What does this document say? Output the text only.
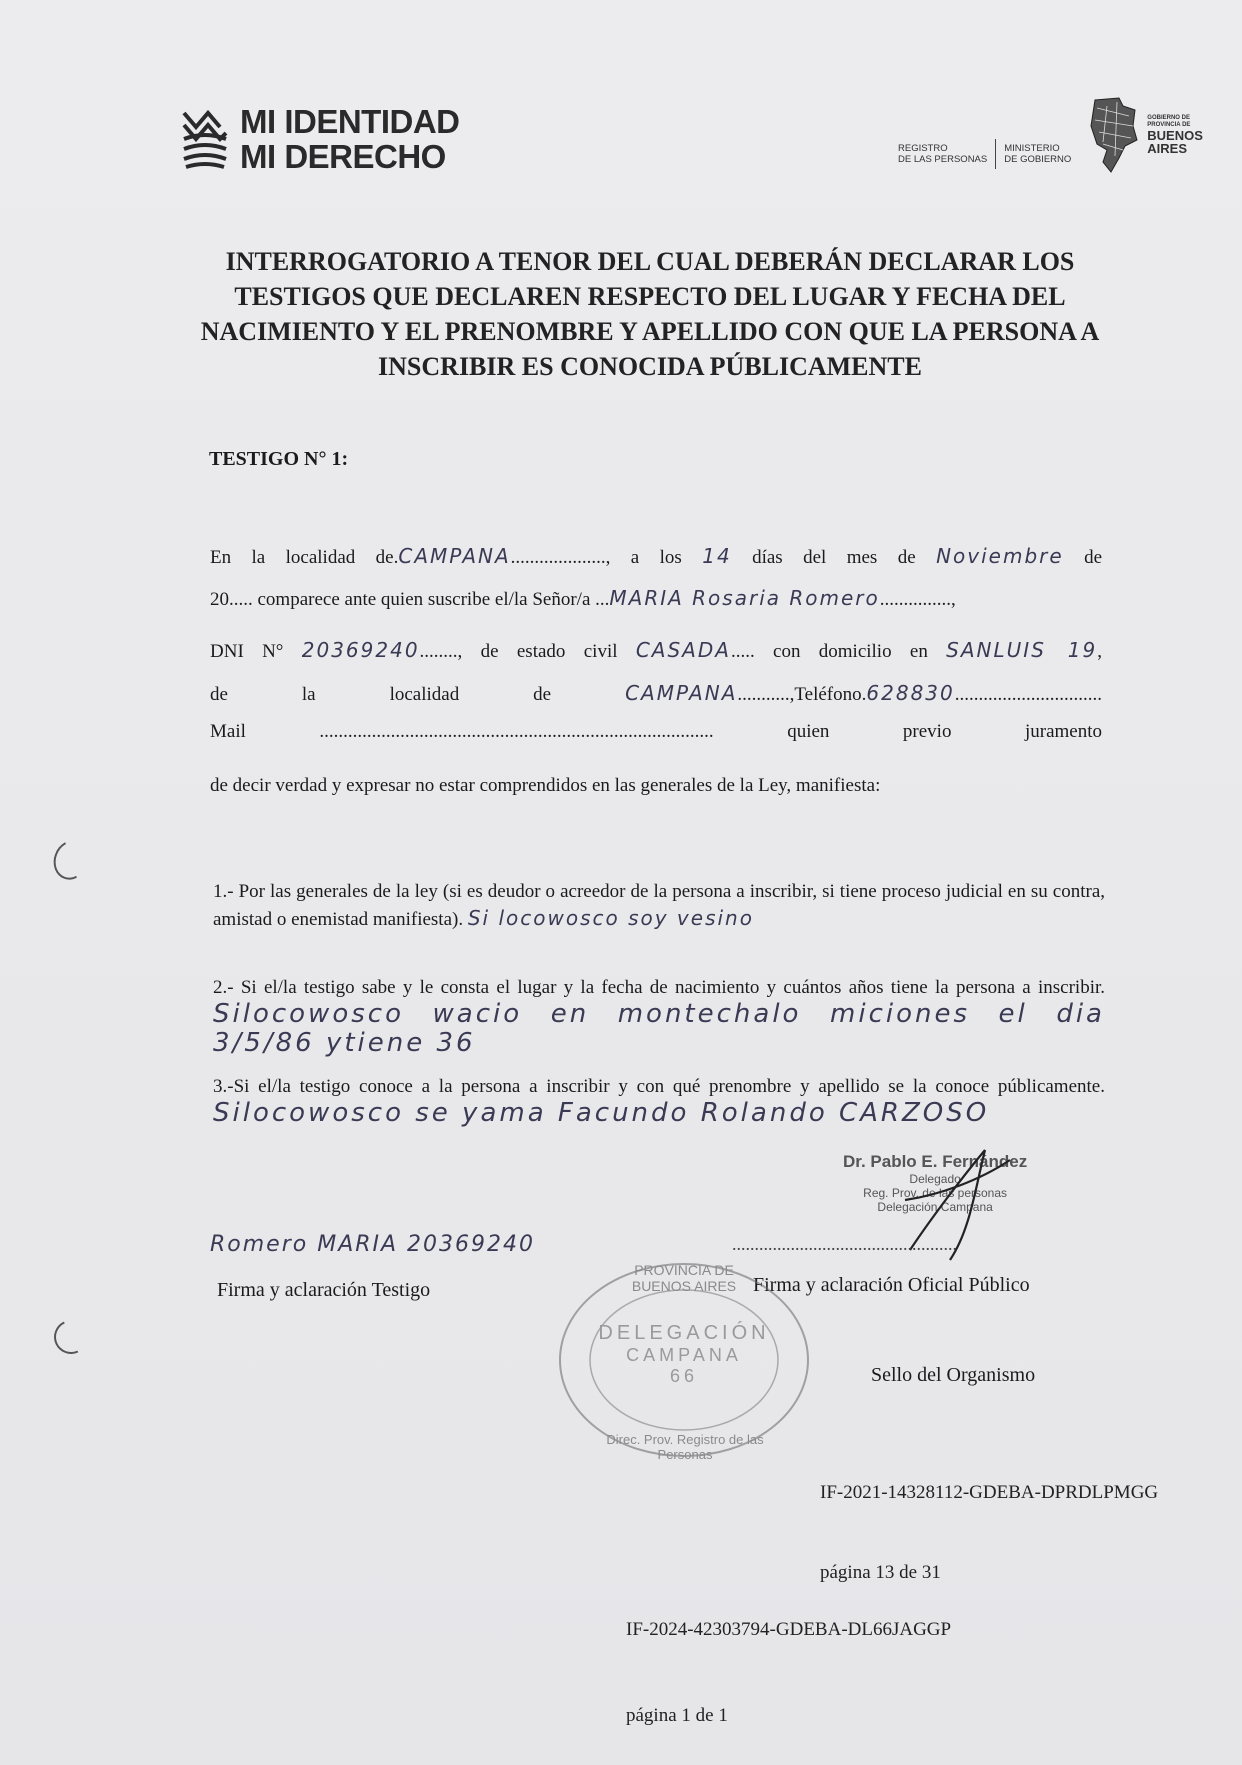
MI IDENTIDAD
MI DERECHO	REGISTRO
DE LAS PERSONAS
MINISTERIO
DE GOBIERNO
GOBIERNO DE
PROVINCIA DE
BUENOS
AIRES
INTERROGATORIO A TENOR DEL CUAL DEBERÁN DECLARAR LOS TESTIGOS QUE DECLAREN RESPECTO DEL LUGAR Y FECHA DEL NACIMIENTO Y EL PRENOMBRE Y APELLIDO CON QUE LA PERSONA A INSCRIBIR ES CONOCIDA PÚBLICAMENTE
TESTIGO N° 1:
En la localidad de.CAMPANA...................., a los 14 días del mes de Noviembre de
20..... comparece ante quien suscribe el/la Señor/a ...MARIA Rosaria Romero...............,
DNI N° 20369240........, de estado civil CASADA..... con domicilio en SANLUIS 19,
de la localidad de	CAMPANA...........,Teléfono.628830...............................
Mail ...................................................................................	quien previo juramento
de decir verdad y expresar no estar comprendidos en las generales de la Ley, manifiesta:
1.- Por las generales de la ley (si es deudor o acreedor de la persona a inscribir, si tiene proceso judicial en su contra, amistad o enemistad manifiesta). Si locowosco soy vesino
2.- Si el/la testigo sabe y le consta el lugar y la fecha de nacimiento y cuántos años tiene la persona a inscribir. Silocowosco wacio en montechalo miciones el dia 3/5/86 ytiene 36
3.-Si el/la testigo conoce a la persona a inscribir y con qué prenombre y apellido se la conoce públicamente. Silocowosco se yama Facundo Rolando CARZOSO
Dr. Pablo E. Fernández
Delegado
Reg. Prov. de las personas
Delegación Campana
Romero MARIA 20369240
Firma y aclaración Testigo
..................................................
Firma y aclaración Oficial Público
PROVINCIA DE BUENOS AIRES
Direc. Prov. Registro de las Personas
DELEGACIÓN
CAMPANA
66	Sello del Organismo
IF-2021-14328112-GDEBA-DPRDLPMGG
página 13 de 31
IF-2024-42303794-GDEBA-DL66JAGGP
página 1 de 1
